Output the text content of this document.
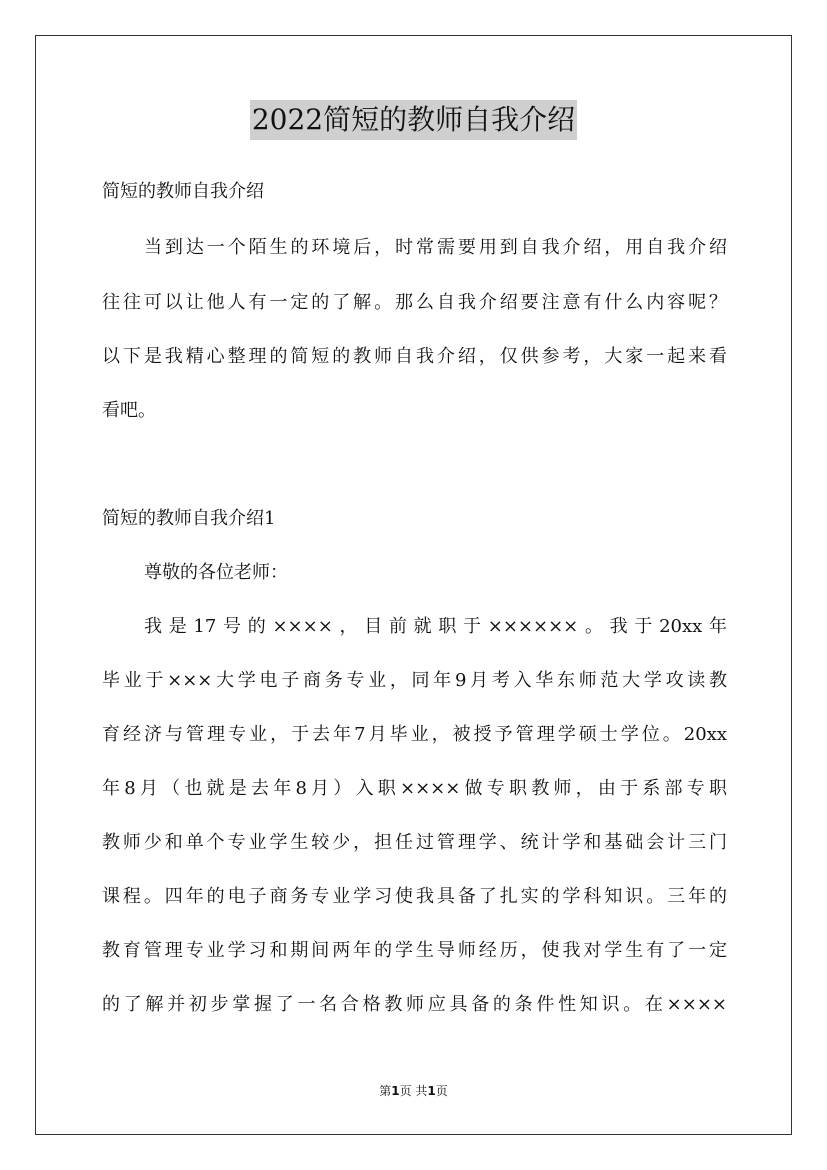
2022简短的教师自我介绍
简短的教师自我介绍
当到达一个陌生的环境后，时常需要用到自我介绍，用自我介绍
往往可以让他人有一定的了解。那么自我介绍要注意有什么内容呢？
以下是我精心整理的简短的教师自我介绍，仅供参考，大家一起来看
看吧。
简短的教师自我介绍1
尊敬的各位老师：
我是17号的××××，目前就职于××××××。我于20xx年
毕业于×××大学电子商务专业，同年9月考入华东师范大学攻读教
育经济与管理专业，于去年7月毕业，被授予管理学硕士学位。20xx
年8月（也就是去年8月）入职××××做专职教师，由于系部专职
教师少和单个专业学生较少，担任过管理学、统计学和基础会计三门
课程。四年的电子商务专业学习使我具备了扎实的学科知识。三年的
教育管理专业学习和期间两年的学生导师经历，使我对学生有了一定
的了解并初步掌握了一名合格教师应具备的条件性知识。在××××
第1页 共1页
